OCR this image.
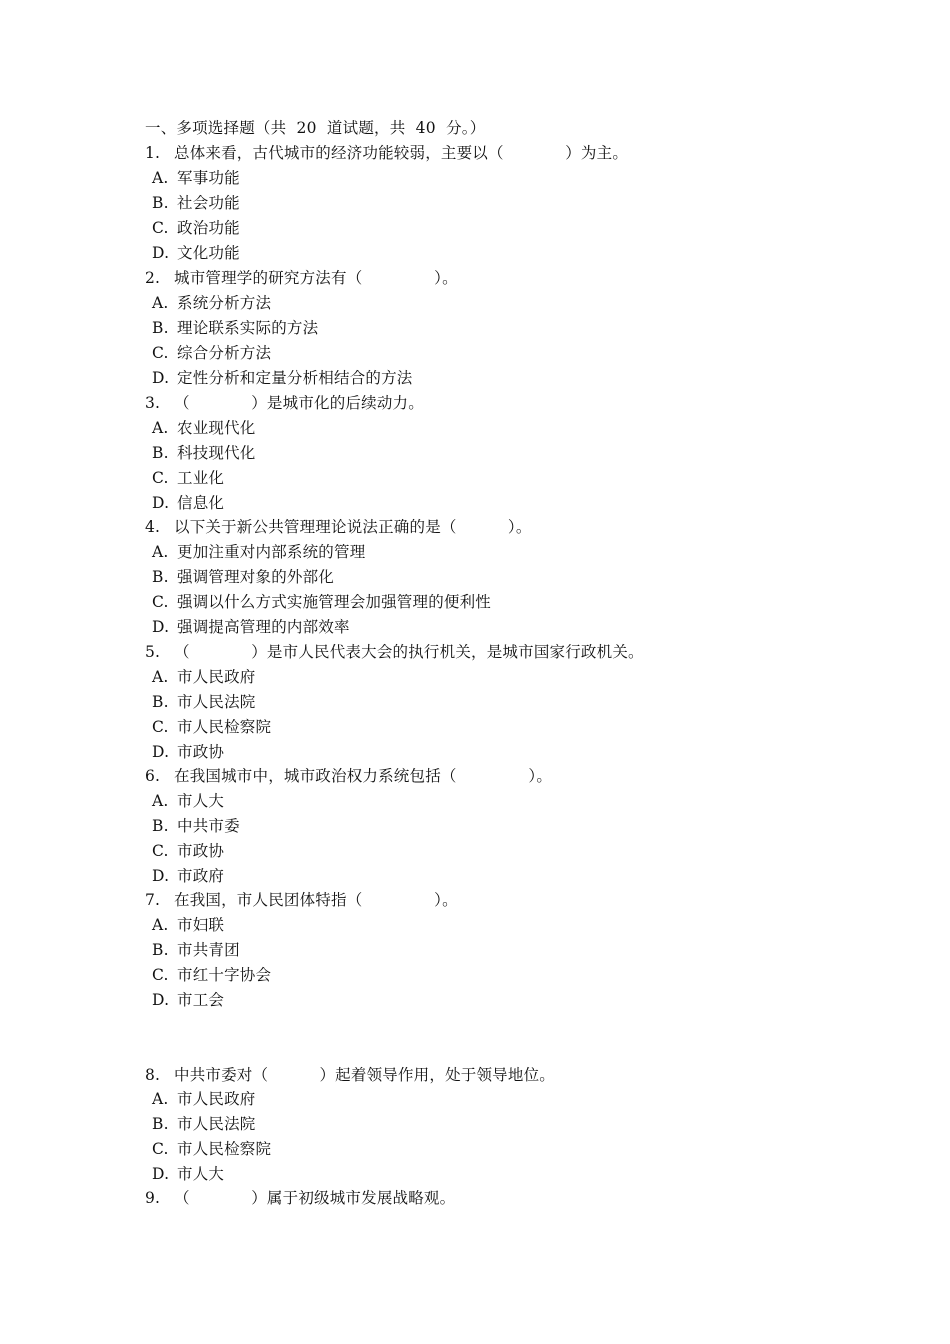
一、多项选择题（共  20  道试题，共  40  分。）
1. 总体来看，古代城市的经济功能较弱，主要以（            ）为主。
A. 军事功能
B. 社会功能
C. 政治功能
D. 文化功能
2. 城市管理学的研究方法有（              ）。
A. 系统分析方法
B. 理论联系实际的方法
C. 综合分析方法
D. 定性分析和定量分析相结合的方法
3. （            ）是城市化的后续动力。
A. 农业现代化
B. 科技现代化
C. 工业化
D. 信息化
4. 以下关于新公共管理理论说法正确的是（          ）。
A. 更加注重对内部系统的管理
B. 强调管理对象的外部化
C. 强调以什么方式实施管理会加强管理的便利性
D. 强调提高管理的内部效率
5. （            ）是市人民代表大会的执行机关，是城市国家行政机关。
A. 市人民政府
B. 市人民法院
C. 市人民检察院
D. 市政协
6. 在我国城市中，城市政治权力系统包括（              ）。
A. 市人大
B. 中共市委
C. 市政协
D. 市政府
7. 在我国，市人民团体特指（              ）。
A. 市妇联
B. 市共青团
C. 市红十字协会
D. 市工会
8. 中共市委对（          ）起着领导作用，处于领导地位。
A. 市人民政府
B. 市人民法院
C. 市人民检察院
D. 市人大
9. （            ）属于初级城市发展战略观。
